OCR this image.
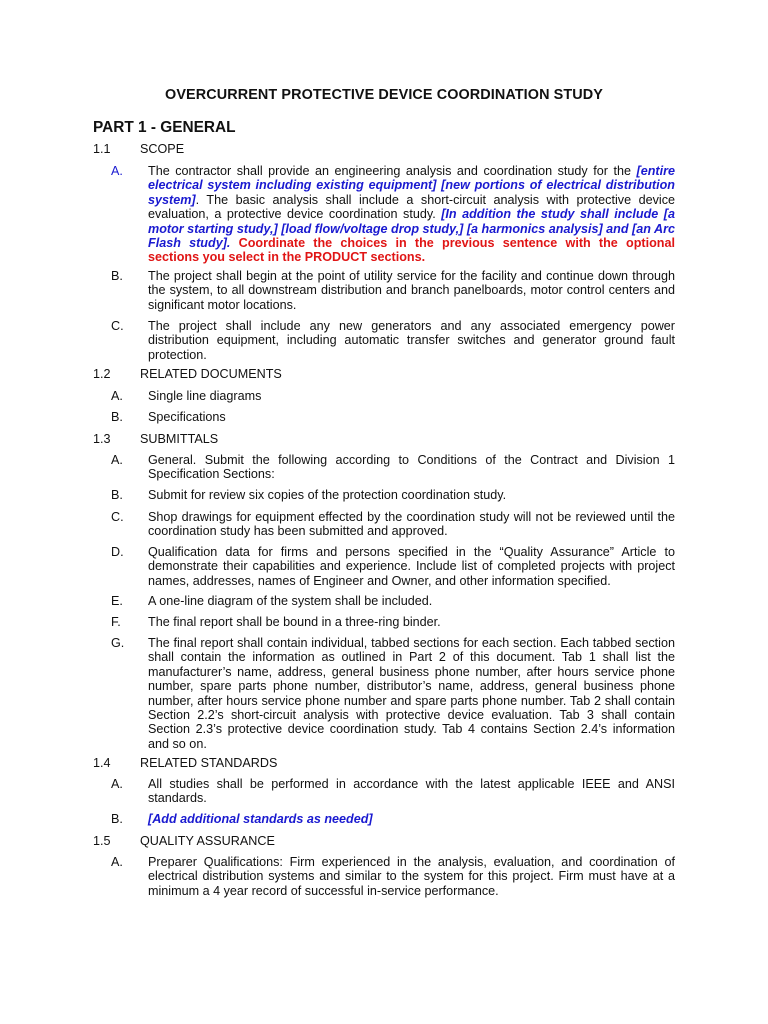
OVERCURRENT PROTECTIVE DEVICE COORDINATION STUDY
PART 1 - GENERAL
1.1 SCOPE
A. The contractor shall provide an engineering analysis and coordination study for the [entire electrical system including existing equipment] [new portions of electrical distribution system]. The basic analysis shall include a short-circuit analysis with protective device evaluation, a protective device coordination study. [In addition the study shall include [a motor starting study,] [load flow/voltage drop study,] [a harmonics analysis] and [an Arc Flash study]. Coordinate the choices in the previous sentence with the optional sections you select in the PRODUCT sections.
B. The project shall begin at the point of utility service for the facility and continue down through the system, to all downstream distribution and branch panelboards, motor control centers and significant motor locations.
C. The project shall include any new generators and any associated emergency power distribution equipment, including automatic transfer switches and generator ground fault protection.
1.2 RELATED DOCUMENTS
A. Single line diagrams
B. Specifications
1.3 SUBMITTALS
A. General. Submit the following according to Conditions of the Contract and Division 1 Specification Sections:
B. Submit for review six copies of the protection coordination study.
C. Shop drawings for equipment effected by the coordination study will not be reviewed until the coordination study has been submitted and approved.
D. Qualification data for firms and persons specified in the “Quality Assurance” Article to demonstrate their capabilities and experience. Include list of completed projects with project names, addresses, names of Engineer and Owner, and other information specified.
E. A one-line diagram of the system shall be included.
F. The final report shall be bound in a three-ring binder.
G. The final report shall contain individual, tabbed sections for each section. Each tabbed section shall contain the information as outlined in Part 2 of this document. Tab 1 shall list the manufacturer’s name, address, general business phone number, after hours service phone number, spare parts phone number, distributor’s name, address, general business phone number, after hours service phone number and spare parts phone number. Tab 2 shall contain Section 2.2’s short-circuit analysis with protective device evaluation. Tab 3 shall contain Section 2.3’s protective device coordination study. Tab 4 contains Section 2.4’s information and so on.
1.4 RELATED STANDARDS
A. All studies shall be performed in accordance with the latest applicable IEEE and ANSI standards.
B. [Add additional standards as needed]
1.5 QUALITY ASSURANCE
A. Preparer Qualifications: Firm experienced in the analysis, evaluation, and coordination of electrical distribution systems and similar to the system for this project. Firm must have at a minimum a 4 year record of successful in-service performance.
